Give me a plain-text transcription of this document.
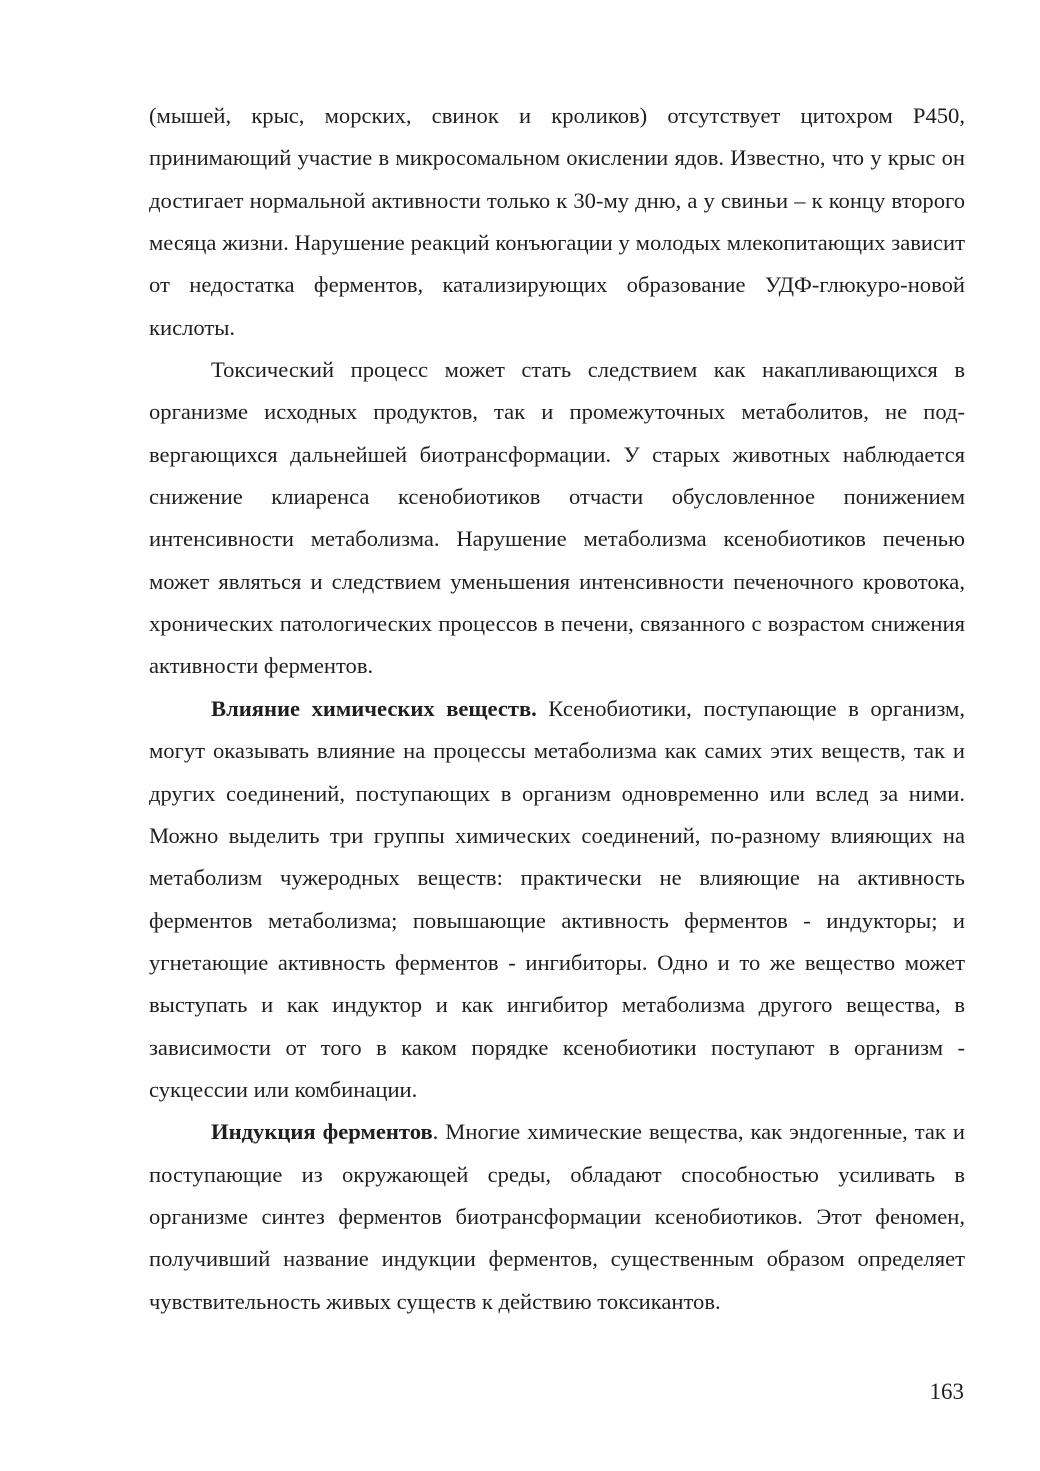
(мышей, крыс, морских, свинок и кроликов) отсутствует цитохром P450, принимающий участие в микросомальном окислении ядов. Известно, что у крыс он достигает нормальной активности только к 30-му дню, а у свиньи – к концу второго месяца жизни. Нарушение реакций конъюгации у молодых млекопитающих зависит от недостатка ферментов, катализирующих образование УДФ-глюкуро-новой кислоты.

Токсический процесс может стать следствием как накапливающихся в организме исходных продуктов, так и промежуточных метаболитов, не подвергающихся дальнейшей биотрансформации. У старых животных наблюдается снижение клиаренса ксенобиотиков отчасти обусловленное понижением интенсивности метаболизма. Нарушение метаболизма ксенобиотиков печенью может являться и следствием уменьшения интенсивности печеночного кровотока, хронических патологических процессов в печени, связанного с возрастом снижения активности ферментов.

Влияние химических веществ. Ксенобиотики, поступающие в организм, могут оказывать влияние на процессы метаболизма как самих этих веществ, так и других соединений, поступающих в организм одновременно или вслед за ними. Можно выделить три группы химических соединений, по-разному влияющих на метаболизм чужеродных веществ: практически не влияющие на активность ферментов метаболизма; повышающие активность ферментов - индукторы; и угнетающие активность ферментов - ингибиторы. Одно и то же вещество может выступать и как индуктор и как ингибитор метаболизма другого вещества, в зависимости от того в каком порядке ксенобиотики поступают в организм - сукцессии или комбинации.

Индукция ферментов. Многие химические вещества, как эндогенные, так и поступающие из окружающей среды, обладают способностью усиливать в организме синтез ферментов биотрансформации ксенобиотиков. Этот феномен, получивший название индукции ферментов, существенным образом определяет чувствительность живых существ к действию токсикантов.

163
